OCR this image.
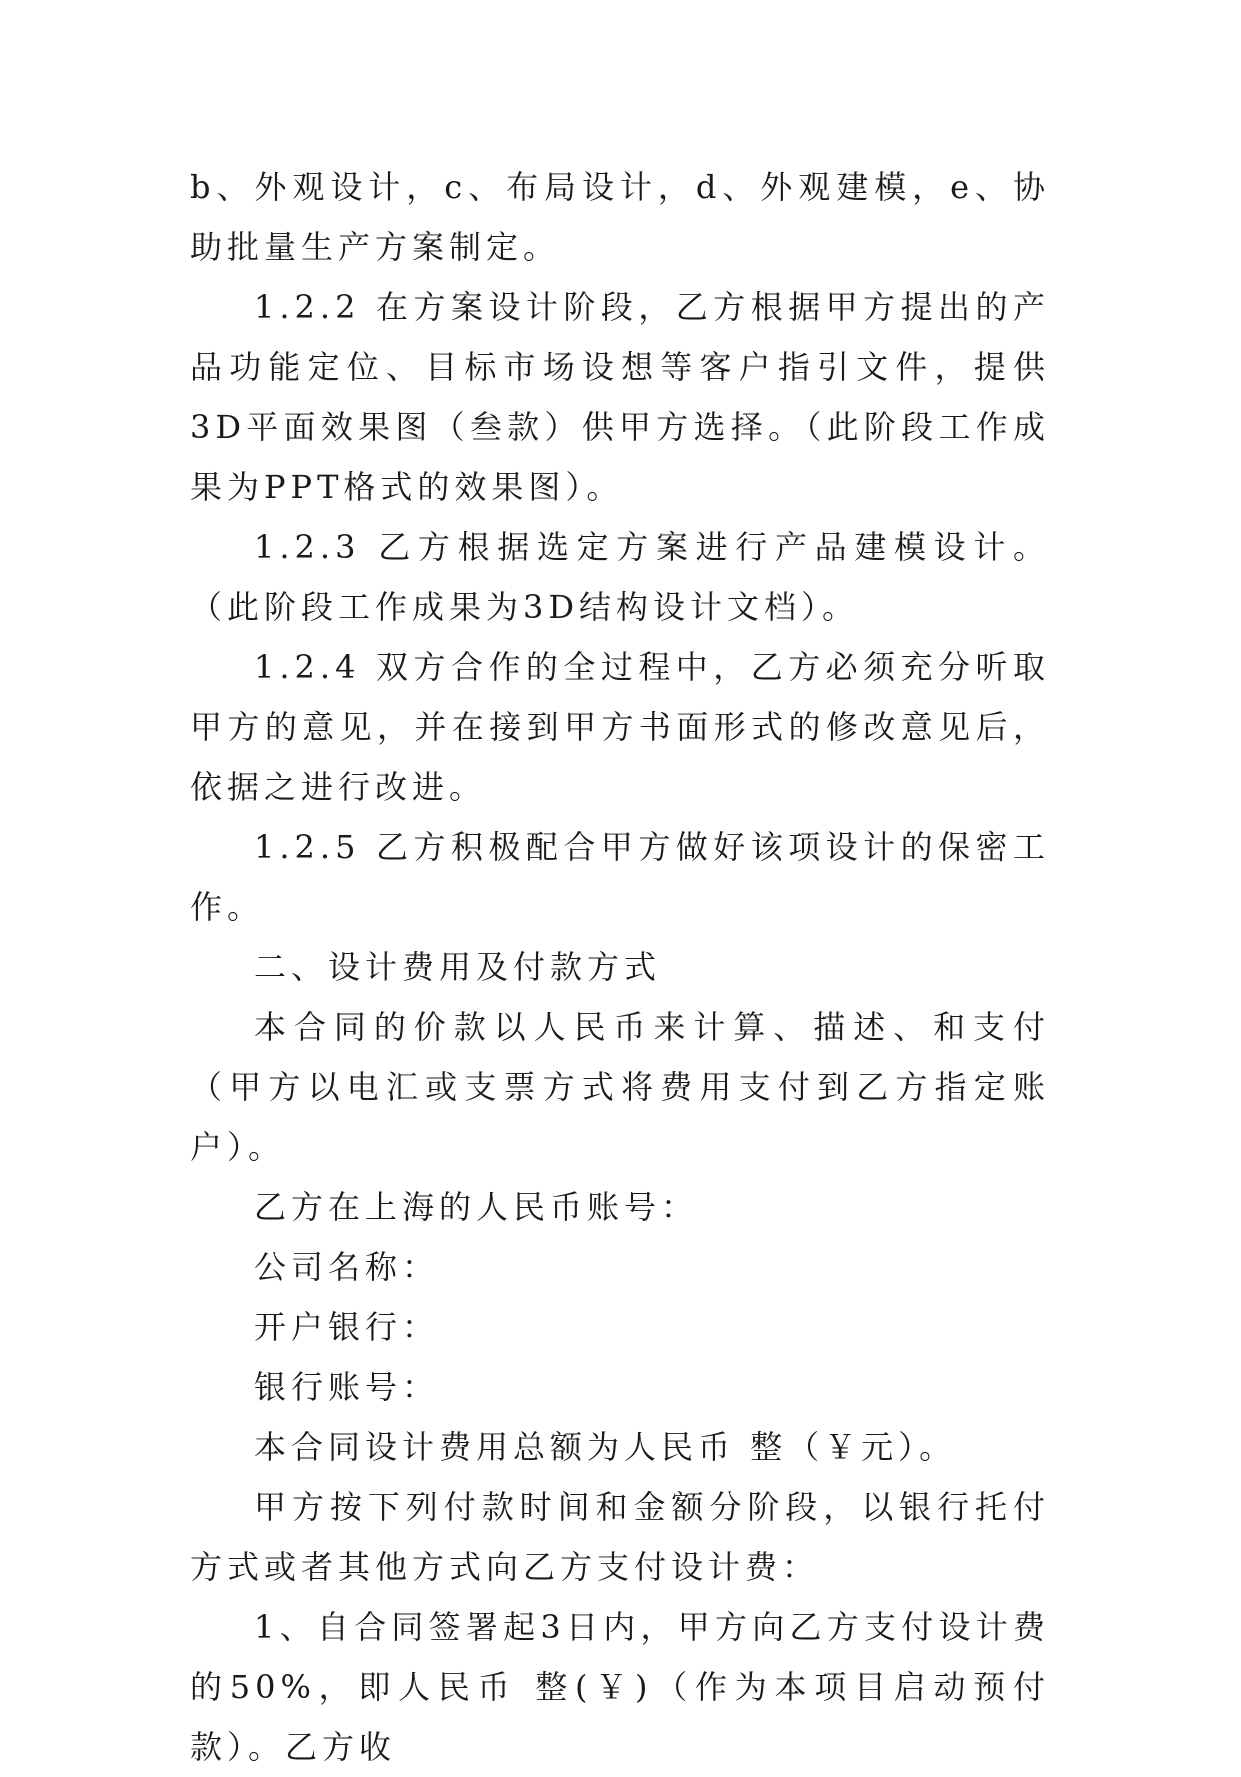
b、外观设计，c、布局设计，d、外观建模，e、协助批量生产方案制定。

1.2.2 在方案设计阶段，乙方根据甲方提出的产品功能定位、目标市场设想等客户指引文件，提供3D平面效果图（叁款）供甲方选择。（此阶段工作成果为PPT格式的效果图）。

1.2.3 乙方根据选定方案进行产品建模设计。（此阶段工作成果为3D结构设计文档）。

1.2.4 双方合作的全过程中，乙方必须充分听取甲方的意见，并在接到甲方书面形式的修改意见后，依据之进行改进。

1.2.5 乙方积极配合甲方做好该项设计的保密工作。

二、设计费用及付款方式

本合同的价款以人民币来计算、描述、和支付（甲方以电汇或支票方式将费用支付到乙方指定账户）。

乙方在上海的人民币账号：

公司名称：

开户银行：

银行账号：

本合同设计费用总额为人民币 整（￥元）。

甲方按下列付款时间和金额分阶段，以银行托付方式或者其他方式向乙方支付设计费：

1、自合同签署起3日内，甲方向乙方支付设计费的50%，即人民币 整(￥)（作为本项目启动预付款）。乙方收
